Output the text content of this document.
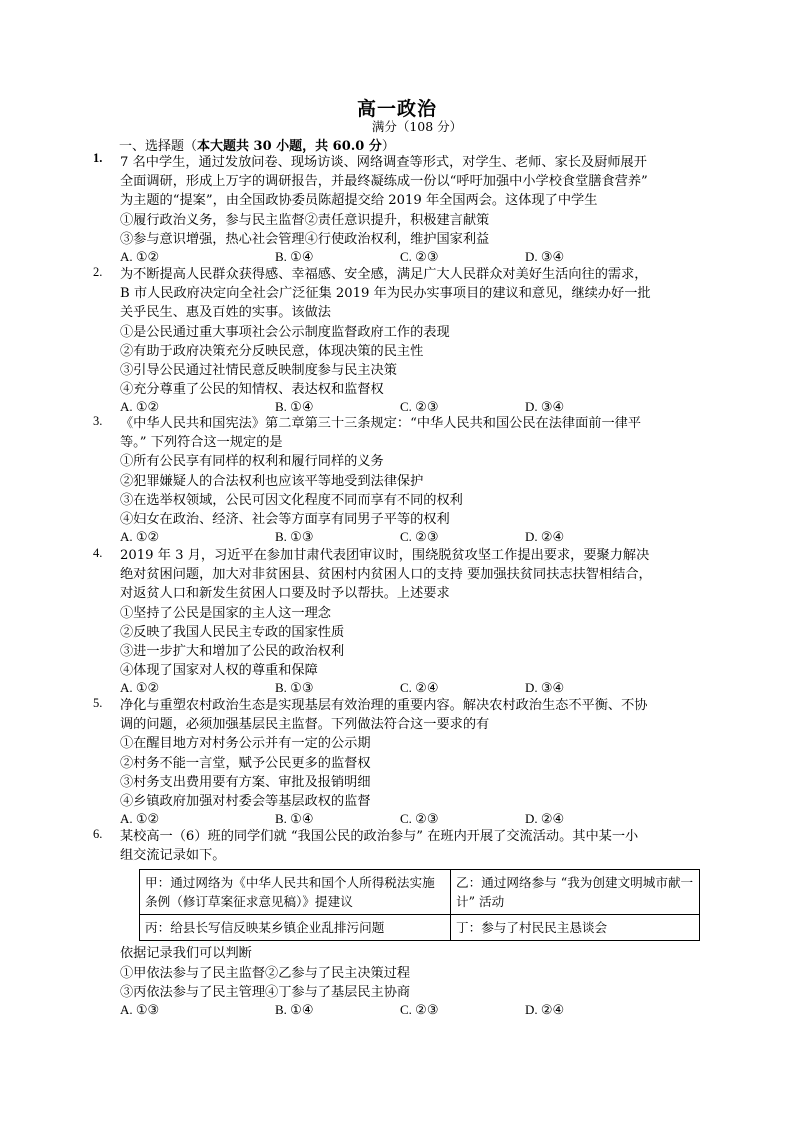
高一政治
满分（108 分）
一、选择题（本大题共 30 小题，共 60.0 分）
1. 7 名中学生，通过发放问卷、现场访谈、网络调查等形式，对学生、老师、家长及厨师展开
全面调研，形成上万字的调研报告，并最终凝练成一份以“呼吁加强中小学校食堂膳食营养”
为主题的“提案”，由全国政协委员陈超提交给 2019 年全国两会。这体现了中学生
①履行政治义务，参与民主监督②责任意识提升，积极建言献策
③参与意识增强，热心社会管理④行使政治权利，维护国家利益
A. ①②	B. ①④	C. ②③	D. ③④
2. 为不断提高人民群众获得感、幸福感、安全感，满足广大人民群众对美好生活向往的需求，
B 市人民政府决定向全社会广泛征集 2019 年为民办实事项目的建议和意见，继续办好一批
关乎民生、惠及百姓的实事。该做法
①是公民通过重大事项社会公示制度监督政府工作的表现
②有助于政府决策充分反映民意，体现决策的民主性
③引导公民通过社情民意反映制度参与民主决策
④充分尊重了公民的知情权、表达权和监督权
A. ①②	B. ①④	C. ②③	D. ③④
3. 《中华人民共和国宪法》第二章第三十三条规定：“中华人民共和国公民在法律面前一律平
等。” 下列符合这一规定的是
①所有公民享有同样的权利和履行同样的义务
②犯罪嫌疑人的合法权利也应该平等地受到法律保护
③在选举权领域，公民可因文化程度不同而享有不同的权利
④妇女在政治、经济、社会等方面享有同男子平等的权利
A. ①②	B. ①③	C. ②③	D. ②④
4. 2019 年 3 月，习近平在参加甘肃代表团审议时，围绕脱贫攻坚工作提出要求，要聚力解决
绝对贫困问题，加大对非贫困县、贫困村内贫困人口的支持 要加强扶贫同扶志扶智相结合，
对返贫人口和新发生贫困人口要及时予以帮扶。上述要求
①坚持了公民是国家的主人这一理念
②反映了我国人民民主专政的国家性质
③进一步扩大和增加了公民的政治权利
④体现了国家对人权的尊重和保障
A. ①②	B. ①③	C. ②④	D. ③④
5. 净化与重塑农村政治生态是实现基层有效治理的重要内容。解决农村政治生态不平衡、不协
调的问题，必须加强基层民主监督。下列做法符合这一要求的有
①在醒目地方对村务公示并有一定的公示期
②村务不能一言堂，赋予公民更多的监督权
③村务支出费用要有方案、审批及报销明细
④乡镇政府加强对村委会等基层政权的监督
A. ①②	B. ①④	C. ②③	D. ②④
6. 某校高一（6）班的同学们就 “我国公民的政治参与” 在班内开展了交流活动。其中某一小
组交流记录如下。
甲：通过网络为《中华人民共和国个人所得税法实施条例（修订草案征求意见稿）》提建议	乙：通过网络参与 “我为创建文明城市献一计” 活动
丙：给县长写信反映某乡镇企业乱排污问题	丁：参与了村民民主恳谈会
依据记录我们可以判断
①甲依法参与了民主监督②乙参与了民主决策过程
③丙依法参与了民主管理④丁参与了基层民主协商
A. ①③	B. ①④	C. ②③	D. ②④
